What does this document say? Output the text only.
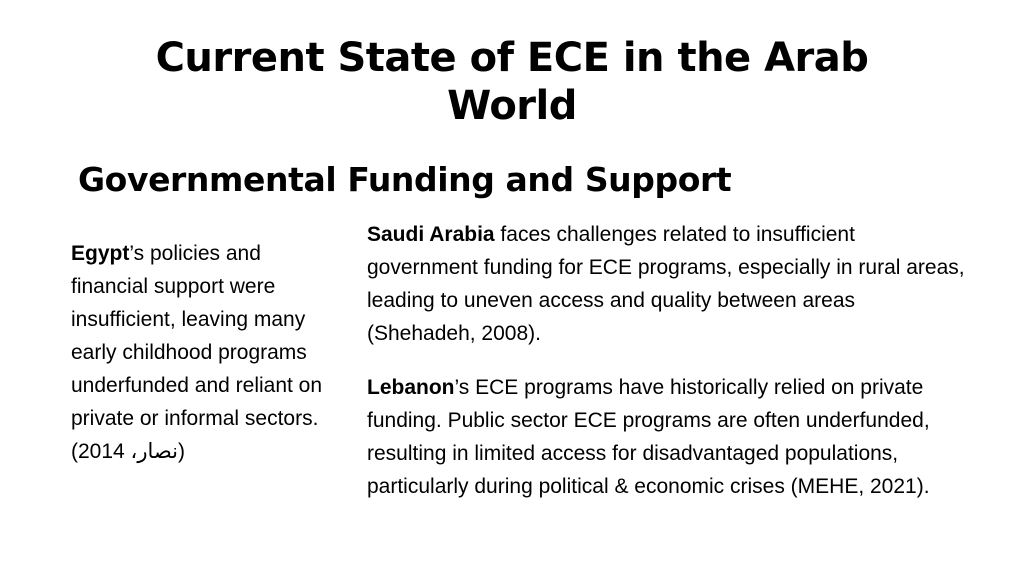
Current State of ECE in the Arab World
Governmental Funding and Support
Egypt’s policies and financial support were insufficient, leaving many early childhood programs underfunded and reliant on private or informal sectors.
(2014 ،نصار)

Saudi Arabia faces challenges related to insufficient government funding for ECE programs, especially in rural areas, leading to uneven access and quality between areas (Shehadeh, 2008).

Lebanon’s ECE programs have historically relied on private funding. Public sector ECE programs are often underfunded, resulting in limited access for disadvantaged populations, particularly during political & economic crises (MEHE, 2021).
